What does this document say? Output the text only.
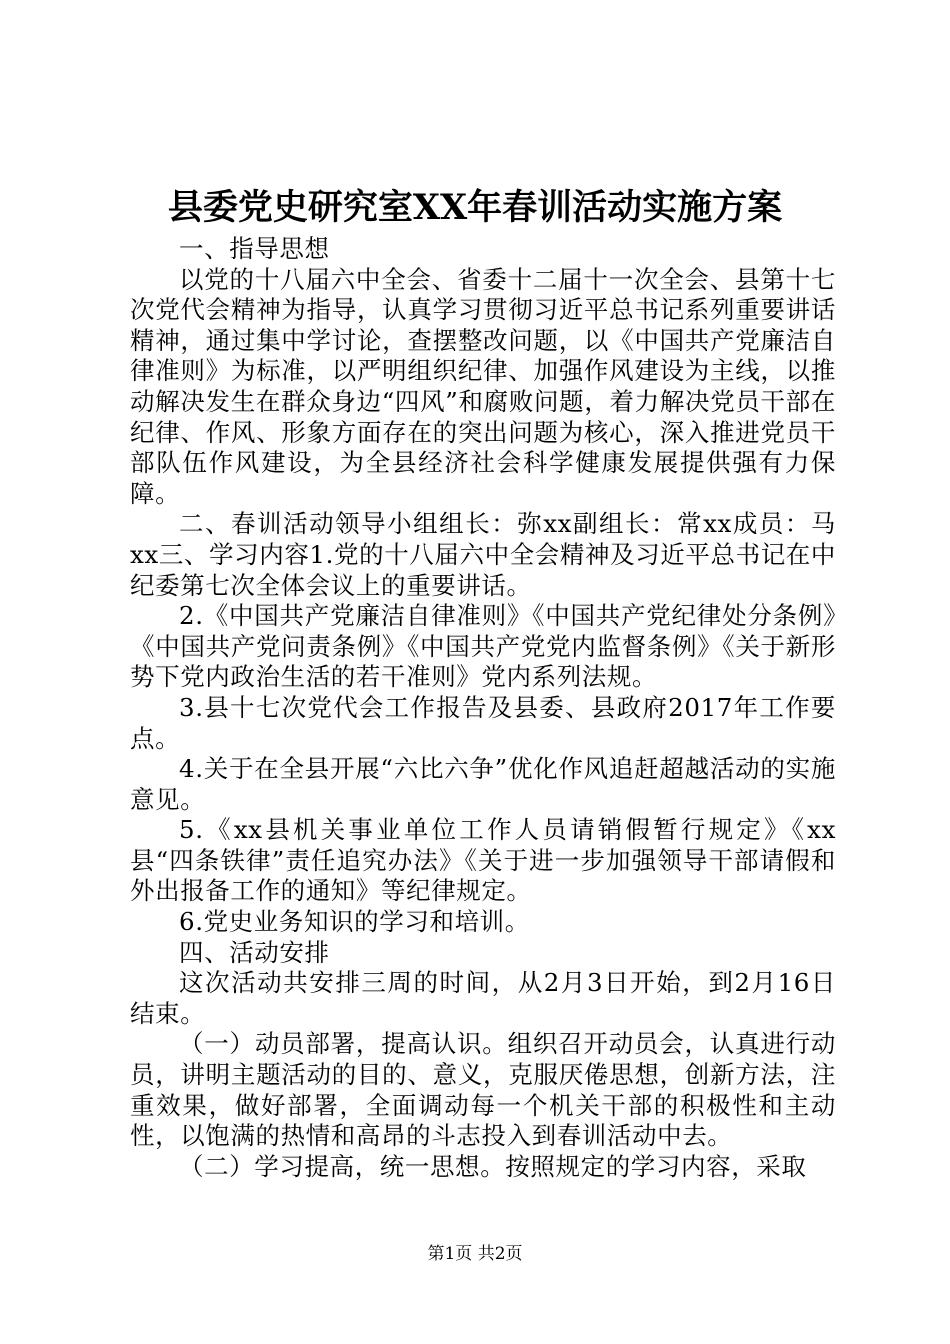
县委党史研究室XX年春训活动实施方案

一、指导思想

以党的十八届六中全会、省委十二届十一次全会、县第十七次党代会精神为指导，认真学习贯彻习近平总书记系列重要讲话精神，通过集中学讨论，查摆整改问题，以《中国共产党廉洁自律准则》为标准，以严明组织纪律、加强作风建设为主线，以推动解决发生在群众身边“四风”和腐败问题，着力解决党员干部在纪律、作风、形象方面存在的突出问题为核心，深入推进党员干部队伍作风建设，为全县经济社会科学健康发展提供强有力保障。

二、春训活动领导小组组长：弥xx副组长：常xx成员：马xx三、学习内容1.党的十八届六中全会精神及习近平总书记在中纪委第七次全体会议上的重要讲话。

2.《中国共产党廉洁自律准则》《中国共产党纪律处分条例》《中国共产党问责条例》《中国共产党党内监督条例》《关于新形势下党内政治生活的若干准则》党内系列法规。

3.县十七次党代会工作报告及县委、县政府2017年工作要点。

4.关于在全县开展“六比六争”优化作风追赶超越活动的实施意见。

5.《xx县机关事业单位工作人员请销假暂行规定》《xx县“四条铁律”责任追究办法》《关于进一步加强领导干部请假和外出报备工作的通知》等纪律规定。

6.党史业务知识的学习和培训。

四、活动安排

这次活动共安排三周的时间，从2月3日开始，到2月16日结束。

（一）动员部署，提高认识。组织召开动员会，认真进行动员，讲明主题活动的目的、意义，克服厌倦思想，创新方法，注重效果，做好部署，全面调动每一个机关干部的积极性和主动性，以饱满的热情和高昂的斗志投入到春训活动中去。

（二）学习提高，统一思想。按照规定的学习内容，采取

第1页 共2页
